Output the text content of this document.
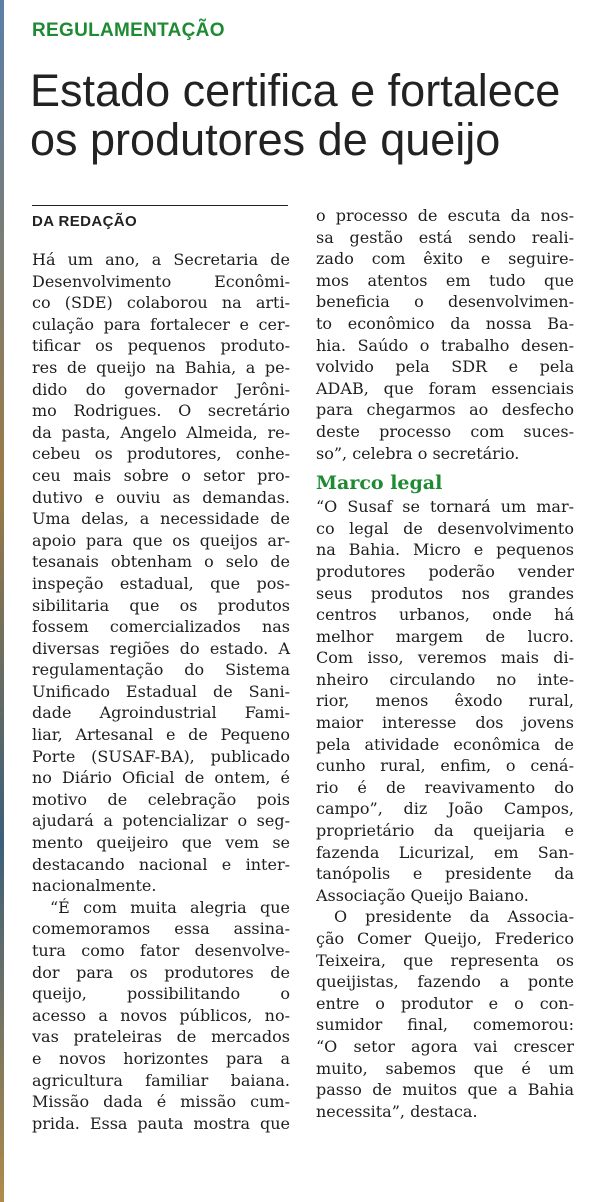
REGULAMENTAÇÃO
Estado certifica e fortalece
os produtores de queijo
DA REDAÇÃO
Há um ano, a Secretaria de
Desenvolvimento Econômi-
co (SDE) colaborou na arti-
culação para fortalecer e cer-
tificar os pequenos produto-
res de queijo na Bahia, a pe-
dido do governador Jerôni-
mo Rodrigues. O secretário
da pasta, Angelo Almeida, re-
cebeu os produtores, conhe-
ceu mais sobre o setor pro-
dutivo e ouviu as demandas.
Uma delas, a necessidade de
apoio para que os queijos ar-
tesanais obtenham o selo de
inspeção estadual, que pos-
sibilitaria que os produtos
fossem comercializados nas
diversas regiões do estado. A
regulamentação do Sistema
Unificado Estadual de Sani-
dade Agroindustrial Fami-
liar, Artesanal e de Pequeno
Porte (SUSAF-BA), publicado
no Diário Oficial de ontem, é
motivo de celebração pois
ajudará a potencializar o seg-
mento queijeiro que vem se
destacando nacional e inter-
nacionalmente.
“É com muita alegria que
comemoramos essa assina-
tura como fator desenvolve-
dor para os produtores de
queijo, possibilitando o
acesso a novos públicos, no-
vas prateleiras de mercados
e novos horizontes para a
agricultura familiar baiana.
Missão dada é missão cum-
prida. Essa pauta mostra que
o processo de escuta da nos-
sa gestão está sendo reali-
zado com êxito e seguire-
mos atentos em tudo que
beneficia o desenvolvimen-
to econômico da nossa Ba-
hia. Saúdo o trabalho desen-
volvido pela SDR e pela
ADAB, que foram essenciais
para chegarmos ao desfecho
deste processo com suces-
so”, celebra o secretário.
Marco legal
“O Susaf se tornará um mar-
co legal de desenvolvimento
na Bahia. Micro e pequenos
produtores poderão vender
seus produtos nos grandes
centros urbanos, onde há
melhor margem de lucro.
Com isso, veremos mais di-
nheiro circulando no inte-
rior, menos êxodo rural,
maior interesse dos jovens
pela atividade econômica de
cunho rural, enfim, o cená-
rio é de reavivamento do
campo”, diz João Campos,
proprietário da queijaria e
fazenda Licurizal, em San-
tanópolis e presidente da
Associação Queijo Baiano.
O presidente da Associa-
ção Comer Queijo, Frederico
Teixeira, que representa os
queijistas, fazendo a ponte
entre o produtor e o con-
sumidor final, comemorou:
“O setor agora vai crescer
muito, sabemos que é um
passo de muitos que a Bahia
necessita”, destaca.
